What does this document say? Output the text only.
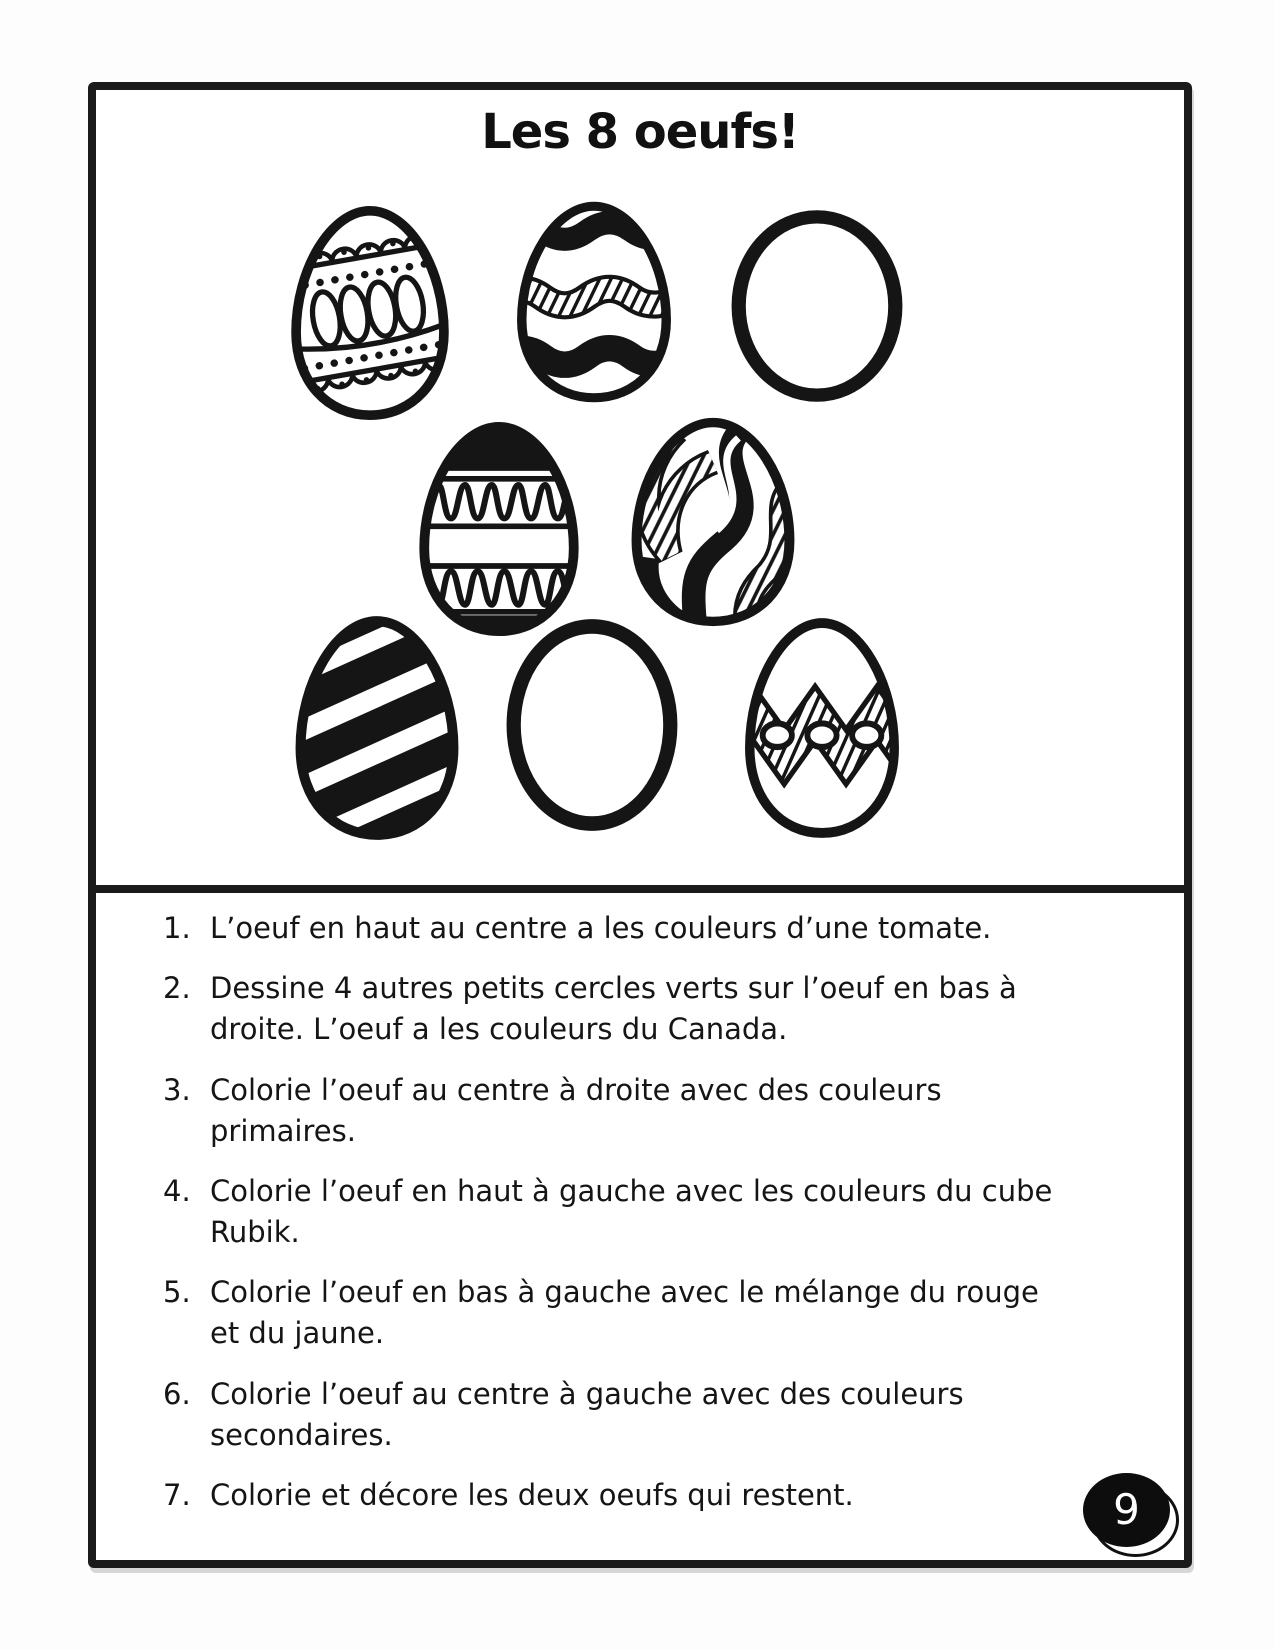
Les 8 oeufs!
1. L’oeuf en haut au centre a les couleurs d’une tomate.
2. Dessine 4 autres petits cercles verts sur l’oeuf en bas à droite. L’oeuf a les couleurs du Canada.
3. Colorie l’oeuf au centre à droite avec des couleurs primaires.
4. Colorie l’oeuf en haut à gauche avec les couleurs du cube Rubik.
5. Colorie l’oeuf en bas à gauche avec le mélange du rouge et du jaune.
6. Colorie l’oeuf au centre à gauche avec des couleurs secondaires.
7. Colorie et décore les deux oeufs qui restent.	9
